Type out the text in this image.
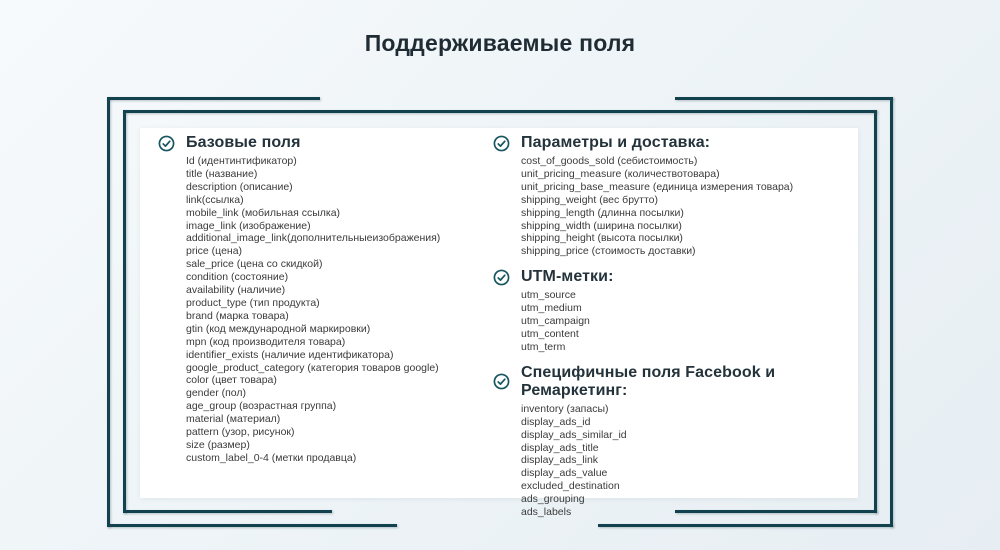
Поддерживаемые поля
Базовые поля
Id (идентинтификатор)
title (название)
description (описание)
link(ссылка)
mobile_link (мобильная ссылка)
image_link (изображение)
additional_image_link(дополнительныеизображения)
price (цена)
sale_price (цена со скидкой)
condition (состояние)
availability (наличие)
product_type (тип продукта)
brand (марка товара)
gtin (код международной маркировки)
mpn (код производителя товара)
identifier_exists (наличие идентификатора)
google_product_category (категория товаров google)
color (цвет товара)
gender (пол)
age_group (возрастная группа)
material (материал)
pattern (узор, рисунок)
size (размер)
custom_label_0-4 (метки продавца)
Параметры и доставка:
cost_of_goods_sold (себистоимость)
unit_pricing_measure (количествотовара)
unit_pricing_base_measure (единица измерения товара)
shipping_weight (вес брутто)
shipping_length (длинна посылки)
shipping_width (ширина посылки)
shipping_height (высота посылки)
shipping_price (стоимость доставки)
UTM-метки:
utm_source
utm_medium
utm_campaign
utm_content
utm_term
Специфичные поля Facebook и Ремаркетинг:
inventory (запасы)
display_ads_id
display_ads_similar_id
display_ads_title
display_ads_link
display_ads_value
excluded_destination
ads_grouping
ads_labels
